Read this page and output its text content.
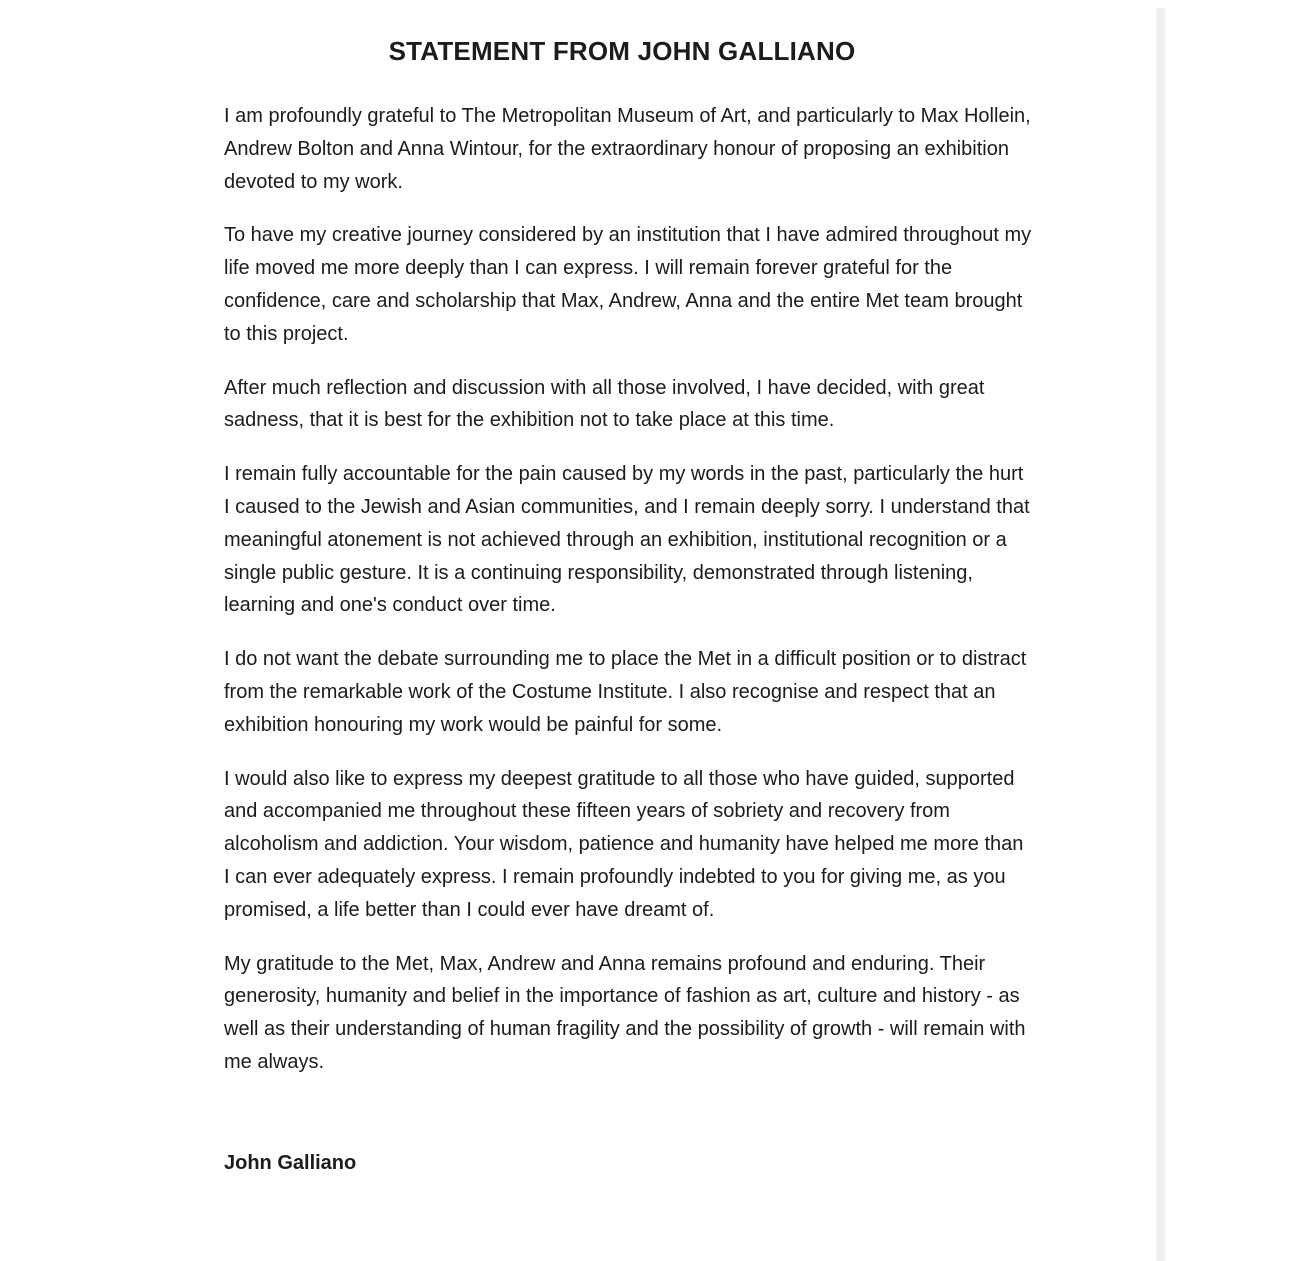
STATEMENT FROM JOHN GALLIANO

I am profoundly grateful to The Metropolitan Museum of Art, and particularly to Max Hollein, Andrew Bolton and Anna Wintour, for the extraordinary honour of proposing an exhibition devoted to my work.

To have my creative journey considered by an institution that I have admired throughout my life moved me more deeply than I can express. I will remain forever grateful for the confidence, care and scholarship that Max, Andrew, Anna and the entire Met team brought to this project.

After much reflection and discussion with all those involved, I have decided, with great sadness, that it is best for the exhibition not to take place at this time.

I remain fully accountable for the pain caused by my words in the past, particularly the hurt I caused to the Jewish and Asian communities, and I remain deeply sorry. I understand that meaningful atonement is not achieved through an exhibition, institutional recognition or a single public gesture. It is a continuing responsibility, demonstrated through listening, learning and one's conduct over time.

I do not want the debate surrounding me to place the Met in a difficult position or to distract from the remarkable work of the Costume Institute. I also recognise and respect that an exhibition honouring my work would be painful for some.

I would also like to express my deepest gratitude to all those who have guided, supported and accompanied me throughout these fifteen years of sobriety and recovery from alcoholism and addiction. Your wisdom, patience and humanity have helped me more than I can ever adequately express. I remain profoundly indebted to you for giving me, as you promised, a life better than I could ever have dreamt of.

My gratitude to the Met, Max, Andrew and Anna remains profound and enduring. Their generosity, humanity and belief in the importance of fashion as art, culture and history - as well as their understanding of human fragility and the possibility of growth - will remain with me always.

John Galliano
